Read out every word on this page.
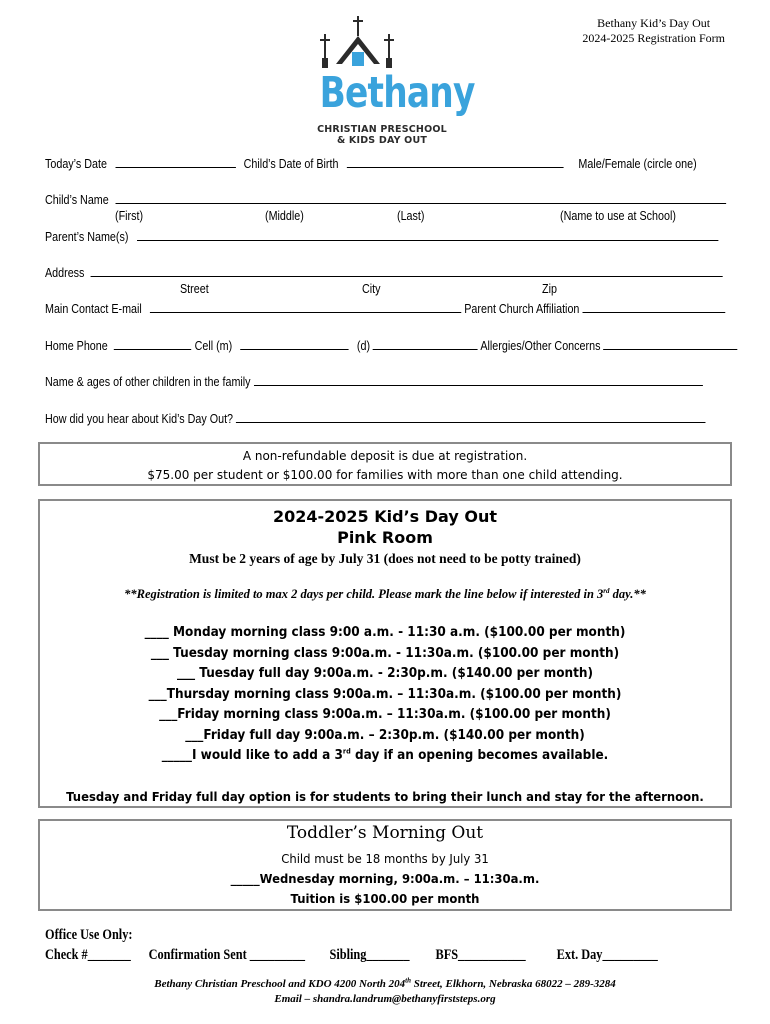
Bethany Kid’s Day Out
2024-2025 Registration Form
Bethany
CHRISTIAN PRESCHOOL
& KIDS DAY OUT
Today’s Date	Child’s Date of Birth	Male/Female (circle one)
Child’s Name
(First)	(Middle)	(Last)	(Name to use at School)
Parent’s Name(s)
Address
Street	City	Zip
Main Contact E-mail	Parent Church Affiliation
Home Phone	Cell (m)	(d)	Allergies/Other Concerns
Name & ages of other children in the family
How did you hear about Kid’s Day Out?

A non-refundable deposit is due at registration.

$75.00 per student or $100.00 for families with more than one child attending.

2024-2025 Kid’s Day Out
Pink Room
Must be 2 years of age by July 31 (does not need to be potty trained)
**Registration is limited to max 2 days per child. Please mark the line below if interested in 3rd day.**
____ Monday morning class 9:00 a.m. - 11:30 a.m. ($100.00 per month)
___ Tuesday morning class 9:00a.m. - 11:30a.m. ($100.00 per month)
___ Tuesday full day 9:00a.m. - 2:30p.m. ($140.00 per month)
___Thursday morning class 9:00a.m. – 11:30a.m. ($100.00 per month)
___Friday morning class 9:00a.m. – 11:30a.m. ($100.00 per month)
___Friday full day 9:00a.m. – 2:30p.m. ($140.00 per month)
_____I would like to add a 3rd day if an opening becomes available.
Tuesday and Friday full day option is for students to bring their lunch and stay for the afternoon.
Toddler’s Morning Out
Child must be 18 months by July 31
_____Wednesday morning, 9:00a.m. – 11:30a.m.
Tuition is $100.00 per month
Office Use Only:
Check #_______ Confirmation Sent _________ Sibling_______ BFS___________ Ext. Day_________
Bethany Christian Preschool and KDO 4200 North 204th Street, Elkhorn, Nebraska 68022 – 289-3284
Email – shandra.landrum@bethanyfirststeps.org
